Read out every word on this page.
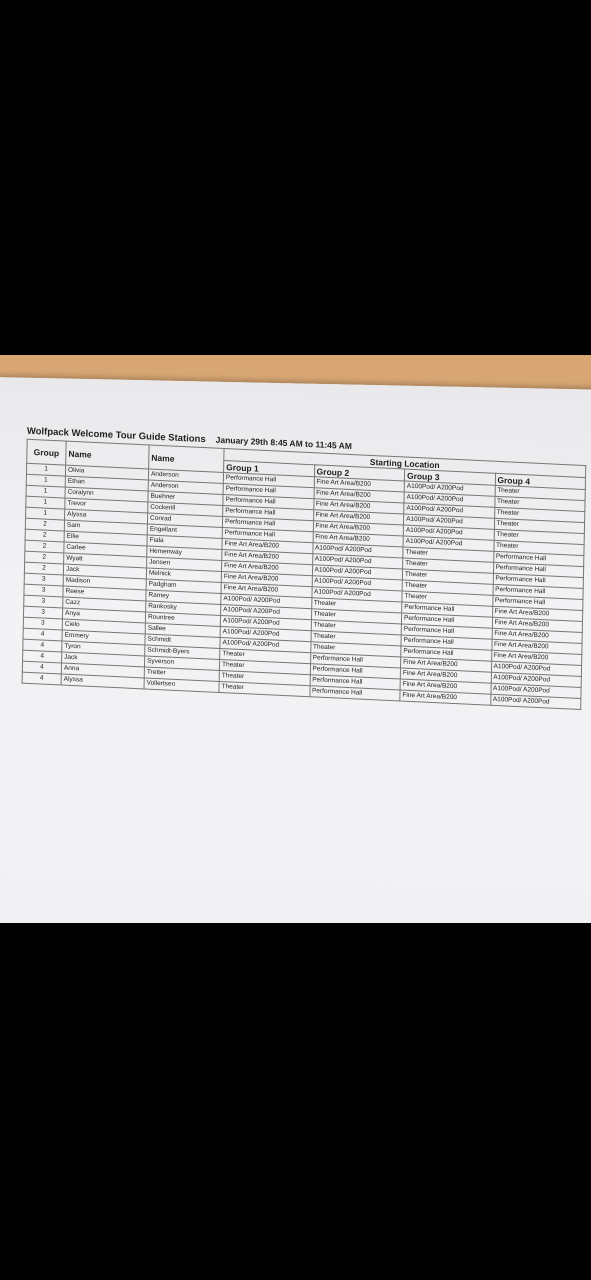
Wolfpack Welcome Tour Guide Stations January 29th 8:45 AM to 11:45 AM
Group	Name	Name	Starting Location			
			Group 1	Group 2	Group 3	Group 4
1	Olivia	Anderson	Performance Hall	Fine Art Area/B200	A100Pod/ A200Pod	Theater
1	Ethan	Anderson	Performance Hall	Fine Art Area/B200	A100Pod/ A200Pod	Theater
1	Coralynn	Buehner	Performance Hall	Fine Art Area/B200	A100Pod/ A200Pod	Theater
1	Trevor	Cockerill	Performance Hall	Fine Art Area/B200	A100Pod/ A200Pod	Theater
1	Alyssa	Conrad	Performance Hall	Fine Art Area/B200	A100Pod/ A200Pod	Theater
2	Sam	Engellant	Performance Hall	Fine Art Area/B200	A100Pod/ A200Pod	Theater
2	Ellie	Fiala	Fine Art Area/B200	A100Pod/ A200Pod	Theater	Performance Hall
2	Carlee	Hemenway	Fine Art Area/B200	A100Pod/ A200Pod	Theater	Performance Hall
2	Wyatt	Jensen	Fine Art Area/B200	A100Pod/ A200Pod	Theater	Performance Hall
2	Jack	Melnick	Fine Art Area/B200	A100Pod/ A200Pod	Theater	Performance Hall
3	Madison	Padgham	Fine Art Area/B200	A100Pod/ A200Pod	Theater	Performance Hall
3	Reese	Ramey	A100Pod/ A200Pod	Theater	Performance Hall	Fine Art Area/B200
3	Cazz	Rankosky	A100Pod/ A200Pod	Theater	Performance Hall	Fine Art Area/B200
3	Anya	Rountree	A100Pod/ A200Pod	Theater	Performance Hall	Fine Art Area/B200
3	Cielo	Sallee	A100Pod/ A200Pod	Theater	Performance Hall	Fine Art Area/B200
4	Emmery	Schmidt	A100Pod/ A200Pod	Theater	Performance Hall	Fine Art Area/B200
4	Tyron	Schmidt-Byers	Theater	Performance Hall	Fine Art Area/B200	A100Pod/ A200Pod
4	Jack	Syverson	Theater	Performance Hall	Fine Art Area/B200	A100Pod/ A200Pod
4	Anna	Tretter	Theater	Performance Hall	Fine Art Area/B200	A100Pod/ A200Pod
4	Alyssa	Vollertsen	Theater	Performance Hall	Fine Art Area/B200	A100Pod/ A200Pod
